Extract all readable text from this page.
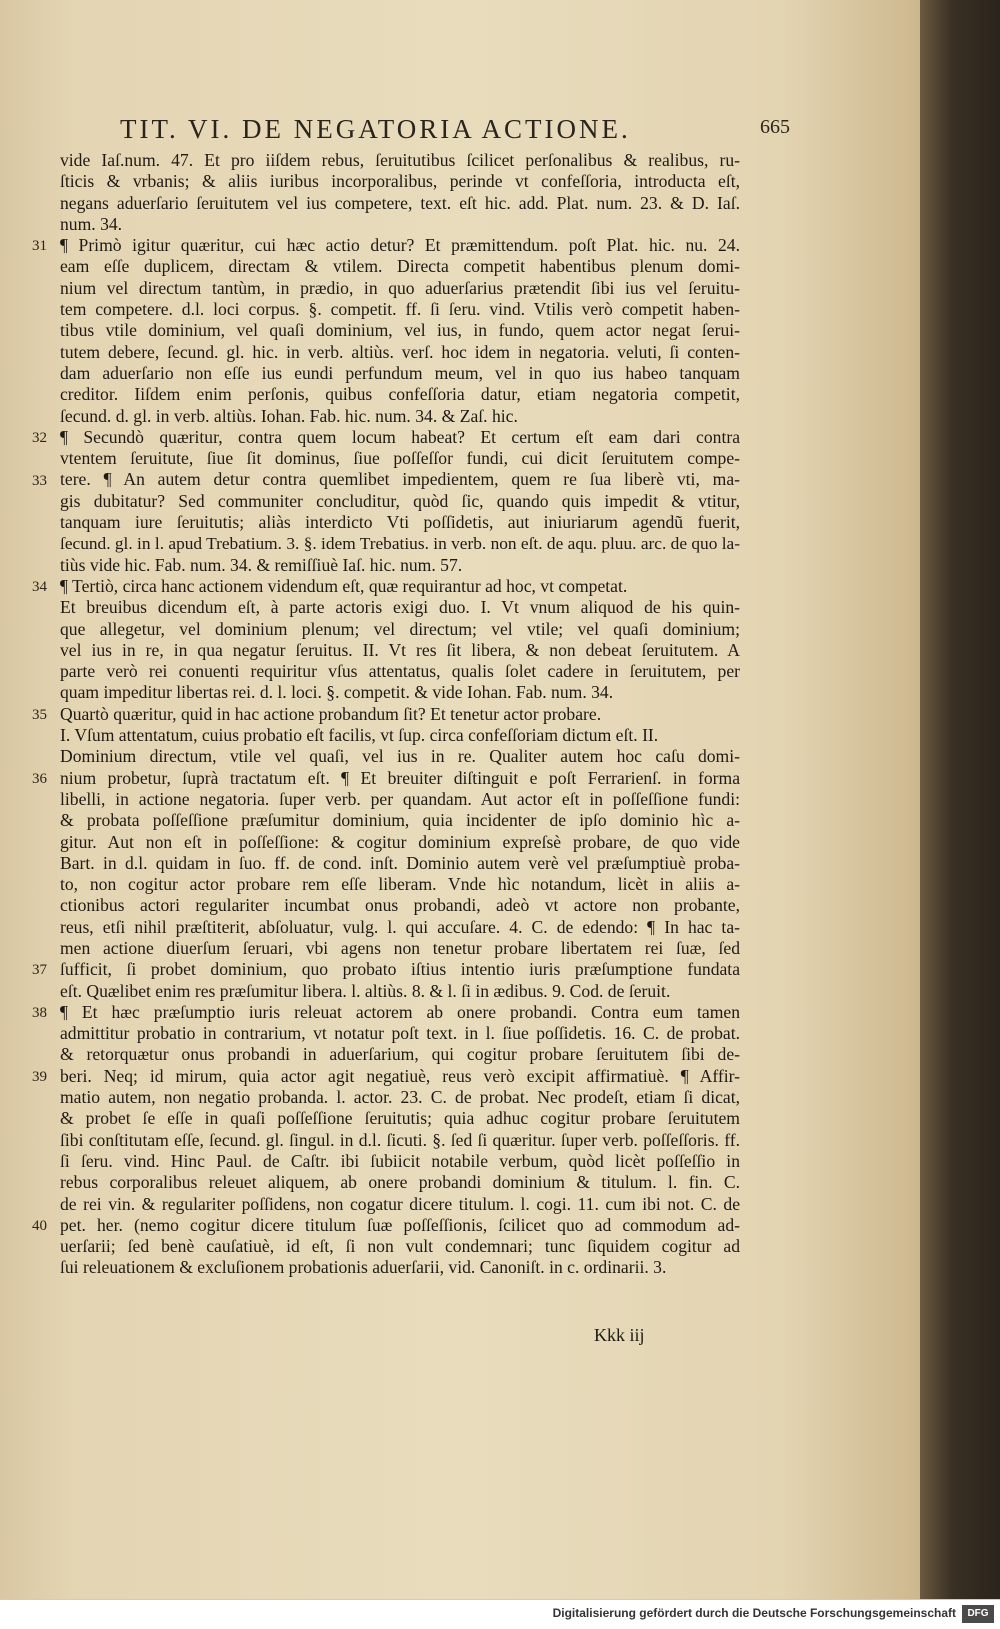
TIT. VI. DE NEGATORIA ACTIONE.	665
vide Iaſ.num. 47. Et pro iiſdem rebus, ſeruitutibus ſcilicet perſonalibus & realibus, ru-
ſticis & vrbanis; & aliis iuribus incorporalibus, perinde vt confeſſoria, introducta eſt,
negans aduerſario ſeruitutem vel ius competere, text. eſt hic. add. Plat. num. 23. & D. Iaſ.
num. 34.
¶ Primò igitur quæritur, cui hæc actio detur? Et præmittendum. poſt Plat. hic. nu. 24.
eam eſſe duplicem, directam & vtilem. Directa competit habentibus plenum domi-
nium vel directum tantùm, in prædio, in quo aduerſarius prætendit ſibi ius vel ſeruitu-
tem competere. d.l. loci corpus. §. competit. ff. ſi ſeru. vind. Vtilis verò competit haben-
tibus vtile dominium, vel quaſi dominium, vel ius, in fundo, quem actor negat ſerui-
tutem debere, ſecund. gl. hic. in verb. altiùs. verſ. hoc idem in negatoria. veluti, ſi conten-
dam aduerſario non eſſe ius eundi perfundum meum, vel in quo ius habeo tanquam
creditor. Iiſdem enim perſonis, quibus confeſſoria datur, etiam negatoria competit,
ſecund. d. gl. in verb. altiùs. Iohan. Fab. hic. num. 34. & Zaſ. hic.
¶ Secundò quæritur, contra quem locum habeat? Et certum eſt eam dari contra
vtentem ſeruitute, ſiue ſit dominus, ſiue poſſeſſor fundi, cui dicit ſeruitutem compe-
tere. ¶ An autem detur contra quemlibet impedientem, quem re ſua liberè vti, ma-
gis dubitatur? Sed communiter concluditur, quòd ſic, quando quis impedit & vtitur,
tanquam iure ſeruitutis; aliàs interdicto Vti poſſidetis, aut iniuriarum agendũ fuerit,
ſecund. gl. in l. apud Trebatium. 3. §. idem Trebatius. in verb. non eſt. de aqu. pluu. arc. de quo la-
tiùs vide hic. Fab. num. 34. & remiſſiuè Iaſ. hic. num. 57.
¶ Tertiò, circa hanc actionem videndum eſt, quæ requirantur ad hoc, vt competat.
Et breuibus dicendum eſt, à parte actoris exigi duo. I. Vt vnum aliquod de his quin-
que allegetur, vel dominium plenum; vel directum; vel vtile; vel quaſi dominium;
vel ius in re, in qua negatur ſeruitus. II. Vt res ſit libera, & non debeat ſeruitutem. A
parte verò rei conuenti requiritur vſus attentatus, qualis ſolet cadere in ſeruitutem, per
quam impeditur libertas rei. d. l. loci. §. competit. & vide Iohan. Fab. num. 34.
Quartò quæritur, quid in hac actione probandum ſit? Et tenetur actor probare.
I. Vſum attentatum, cuius probatio eſt facilis, vt ſup. circa confeſſoriam dictum eſt. II.
Dominium directum, vtile vel quaſi, vel ius in re. Qualiter autem hoc caſu domi-
nium probetur, ſuprà tractatum eſt. ¶ Et breuiter diſtinguit e poſt Ferrarienſ. in forma
libelli, in actione negatoria. ſuper verb. per quandam. Aut actor eſt in poſſeſſione fundi:
& probata poſſeſſione præſumitur dominium, quia incidenter de ipſo dominio hìc a-
gitur. Aut non eſt in poſſeſſione: & cogitur dominium expreſsè probare, de quo vide
Bart. in d.l. quidam in ſuo. ff. de cond. inſt. Dominio autem verè vel præſumptiuè proba-
to, non cogitur actor probare rem eſſe liberam. Vnde hìc notandum, licèt in aliis a-
ctionibus actori regulariter incumbat onus probandi, adeò vt actore non probante,
reus, etſi nihil præſtiterit, abſoluatur, vulg. l. qui accuſare. 4. C. de edendo: ¶ In hac ta-
men actione diuerſum ſeruari, vbi agens non tenetur probare libertatem rei ſuæ, ſed
ſufficit, ſi probet dominium, quo probato iſtius intentio iuris præſumptione fundata
eſt. Quælibet enim res præſumitur libera. l. altiùs. 8. & l. ſi in ædibus. 9. Cod. de ſeruit.
¶ Et hæc præſumptio iuris releuat actorem ab onere probandi. Contra eum tamen
admittitur probatio in contrarium, vt notatur poſt text. in l. ſiue poſſidetis. 16. C. de probat.
& retorquætur onus probandi in aduerſarium, qui cogitur probare ſeruitutem ſibi de-
beri. Neq; id mirum, quia actor agit negatiuè, reus verò excipit affirmatiuè. ¶ Affir-
matio autem, non negatio probanda. l. actor. 23. C. de probat. Nec prodeſt, etiam ſi dicat,
& probet ſe eſſe in quaſi poſſeſſione ſeruitutis; quia adhuc cogitur probare ſeruitutem
ſibi conſtitutam eſſe, ſecund. gl. ſingul. in d.l. ſicuti. §. ſed ſi quæritur. ſuper verb. poſſeſſoris. ff.
ſi ſeru. vind. Hinc Paul. de Caſtr. ibi ſubiicit notabile verbum, quòd licèt poſſeſſio in
rebus corporalibus releuet aliquem, ab onere probandi dominium & titulum. l. fin. C.
de rei vin. & regulariter poſſidens, non cogatur dicere titulum. l. cogi. 11. cum ibi not. C. de
pet. her. (nemo cogitur dicere titulum ſuæ poſſeſſionis, ſcilicet quo ad commodum ad-
uerſarii; ſed benè cauſatiuè, id eſt, ſi non vult condemnari; tunc ſiquidem cogitur ad
ſui releuationem & excluſionem probationis aduerſarii, vid. Canoniſt. in c. ordinarii. 3.
31
32
33
34
35
36
37
38
39
40
Kkk iij
Digitalisierung gefördert durch die Deutsche Forschungsgemeinschaft	DFG
